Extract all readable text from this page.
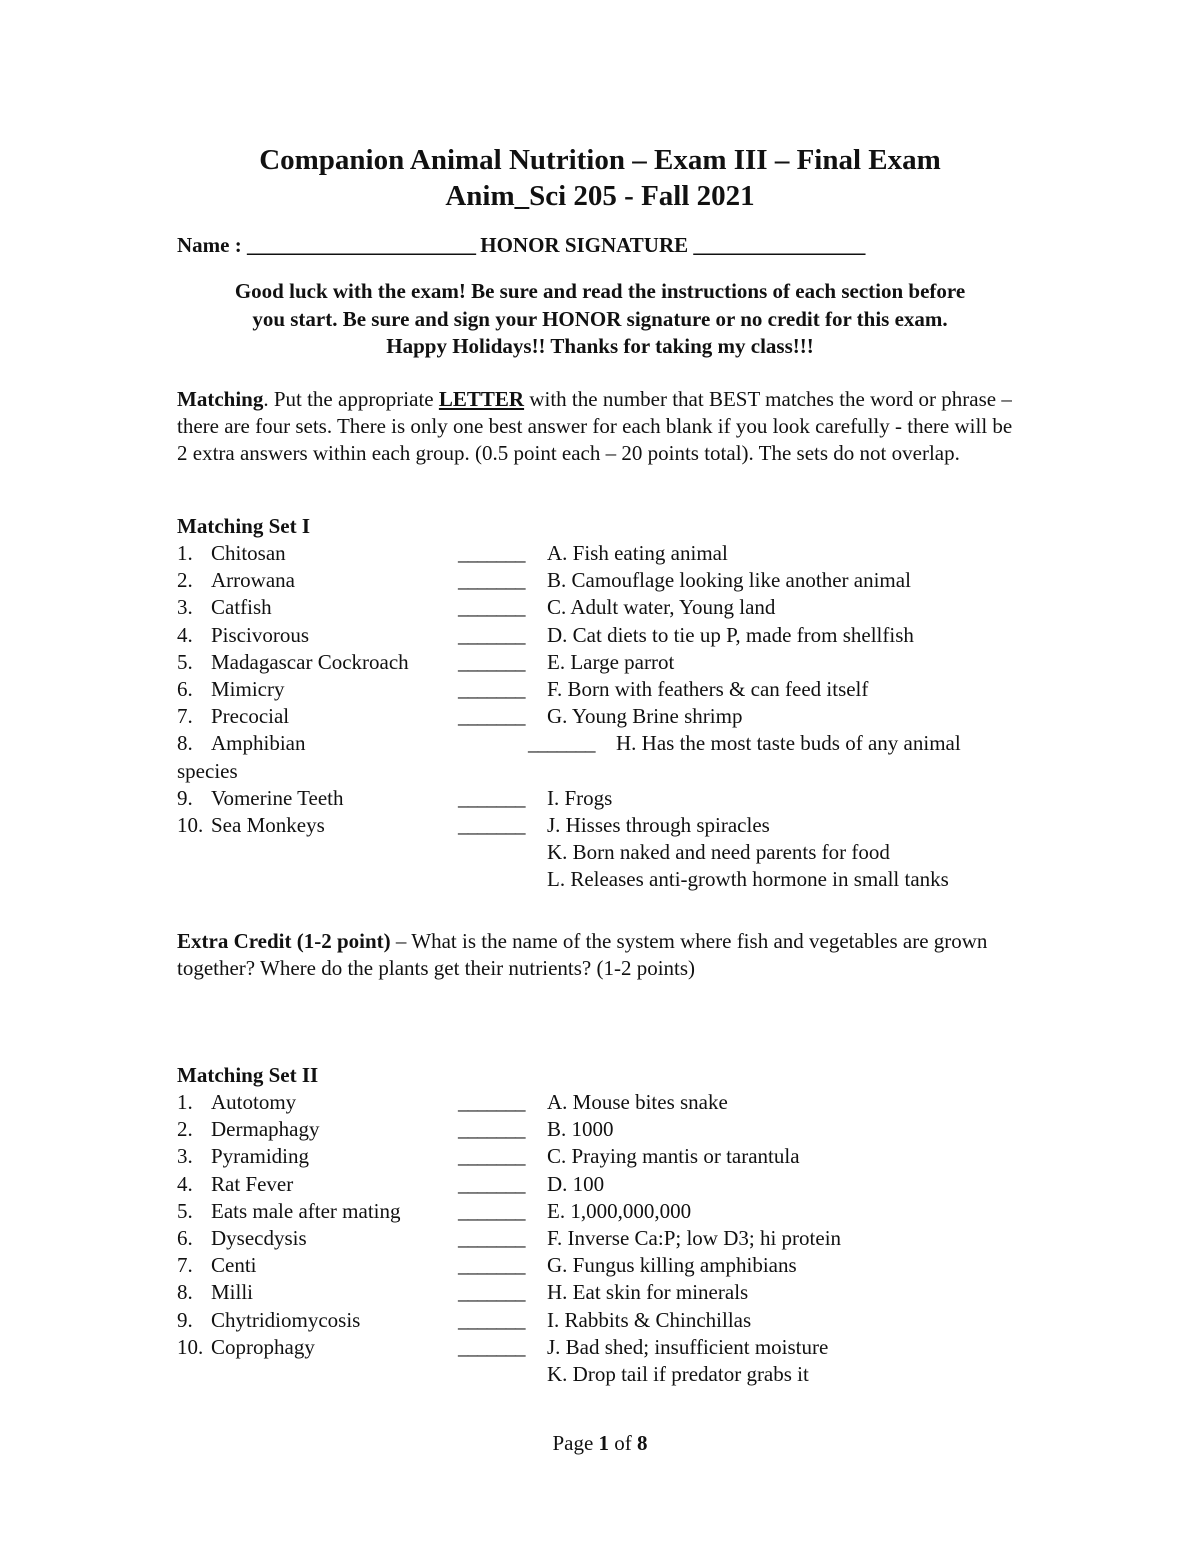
Companion Animal Nutrition – Exam III – Final Exam
Anim_Sci 205 - Fall 2021
Name : ________________________ HONOR SIGNATURE __________________
Good luck with the exam! Be sure and read the instructions of each section before
you start. Be sure and sign your HONOR signature or no credit for this exam.
Happy Holidays!! Thanks for taking my class!!!
Matching. Put the appropriate LETTER with the number that BEST matches the word or phrase – there are four sets. There is only one best answer for each blank if you look carefully - there will be 2 extra answers within each group. (0.5 point each – 20 points total). The sets do not overlap.
Matching Set I
1. Chitosan
2. Arrowana
3. Catfish
4. Piscivorous
5. Madagascar Cockroach
6. Mimicry
7. Precocial
8. Amphibian
9. Vomerine Teeth
10. Sea Monkeys
species
_______ A. Fish eating animal
_______ B. Camouflage looking like another animal
_______ C. Adult water, Young land
_______ D. Cat diets to tie up P, made from shellfish
_______ E. Large parrot
_______ F. Born with feathers & can feed itself
_______ G. Young Brine shrimp
_______ H. Has the most taste buds of any animal
_______ I. Frogs
_______ J. Hisses through spiracles
K. Born naked and need parents for food
L. Releases anti-growth hormone in small tanks
Extra Credit (1-2 point) – What is the name of the system where fish and vegetables are grown together? Where do the plants get their nutrients? (1-2 points)
Matching Set II
1. Autotomy
2. Dermaphagy
3. Pyramiding
4. Rat Fever
5. Eats male after mating
6. Dysecdysis
7. Centi
8. Milli
9. Chytridiomycosis
10. Coprophagy
_______ A. Mouse bites snake
_______ B. 1000
_______ C. Praying mantis or tarantula
_______ D. 100
_______ E. 1,000,000,000
_______ F. Inverse Ca:P; low D3; hi protein
_______ G. Fungus killing amphibians
_______ H. Eat skin for minerals
_______ I. Rabbits & Chinchillas
_______ J. Bad shed; insufficient moisture
K. Drop tail if predator grabs it
Page 1 of 8
